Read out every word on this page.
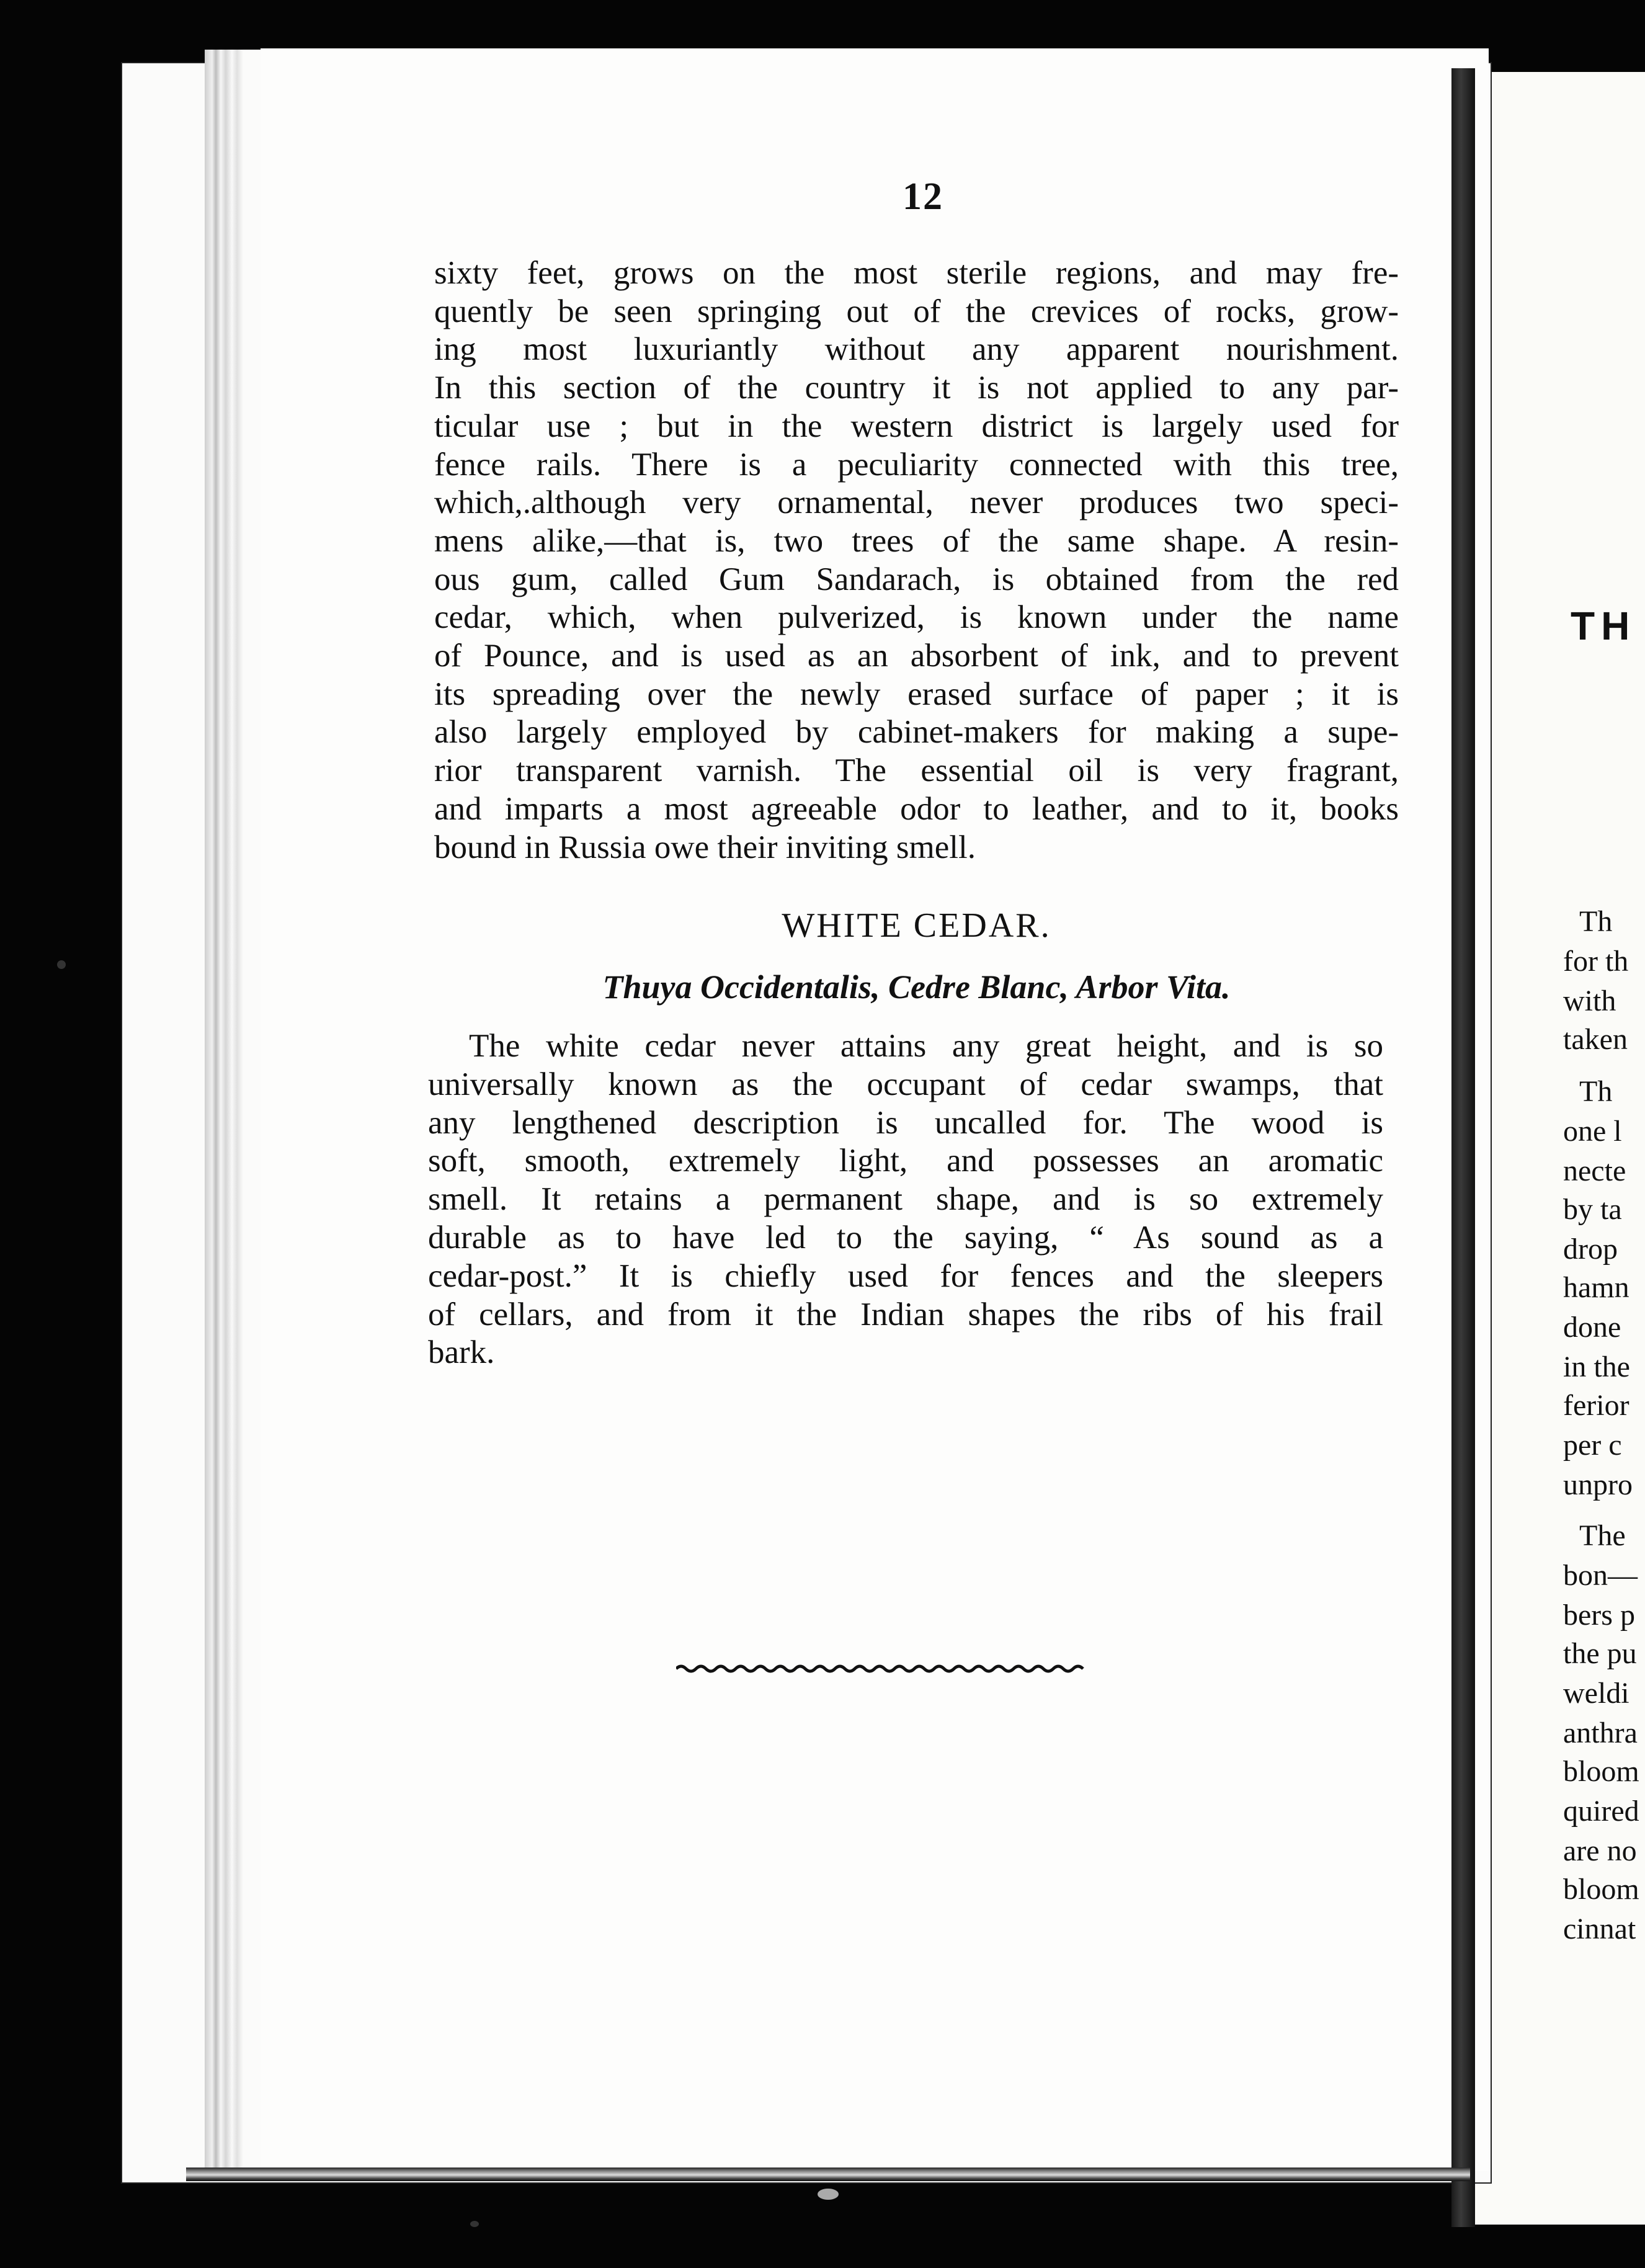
TH
Th
for th
with
taken
Th
one l
necte
by ta
drop
hamn
done
in the
ferior
per c
unpro
The
bon—
bers p
the pu
weldi
anthra
bloom
quired
are no
bloom
cinnat
12
sixty feet, grows on the most sterile regions, and may fre-
quently be seen springing out of the crevices of rocks, grow-
ing most luxuriantly without any apparent nourishment.
In this section of the country it is not applied to any par-
ticular use ; but in the western district is largely used for
fence rails. There is a peculiarity connected with this tree,
which,.although very ornamental, never produces two speci-
mens alike,—that is, two trees of the same shape. A resin-
ous gum, called Gum Sandarach, is obtained from the red
cedar, which, when pulverized, is known under the name
of Pounce, and is used as an absorbent of ink, and to prevent
its spreading over the newly erased surface of paper ; it is
also largely employed by cabinet-makers for making a supe-
rior transparent varnish. The essential oil is very fragrant,
and imparts a most agreeable odor to leather, and to it, books
bound in Russia owe their inviting smell.
WHITE CEDAR.
Thuya Occidentalis, Cedre Blanc, Arbor Vita.
The white cedar never attains any great height, and is so
universally known as the occupant of cedar swamps, that
any lengthened description is uncalled for. The wood is
soft, smooth, extremely light, and possesses an aromatic
smell. It retains a permanent shape, and is so extremely
durable as to have led to the saying, “ As sound as a
cedar-post.” It is chiefly used for fences and the sleepers
of cellars, and from it the Indian shapes the ribs of his frail
bark.
